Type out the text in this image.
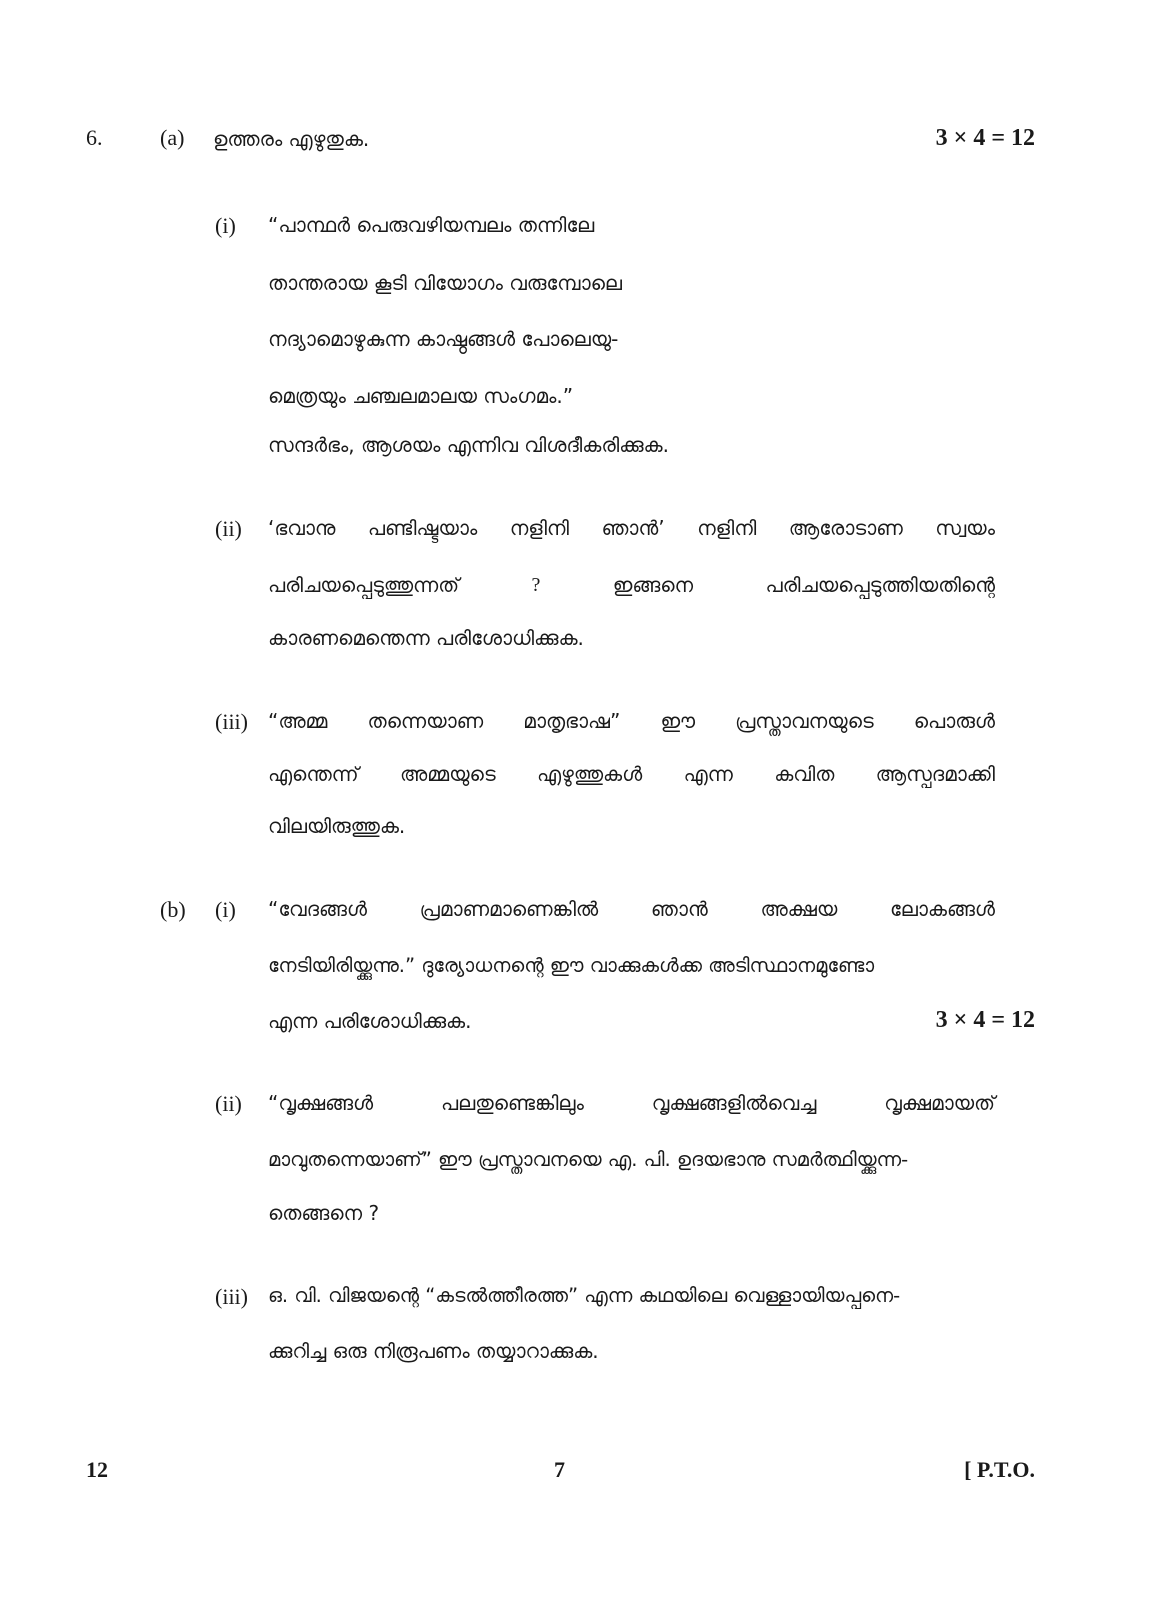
6.	(a) ഉത്തരം എഴുതുക.	3 × 4 = 12
(i) “പാന്ഥർ പെരുവഴിയമ്പലം തന്നിലേ
താന്തരായ കൂടി വിയോഗം വരുമ്പോലെ
നദ്യാമൊഴുകുന്ന കാഷ്ഠങ്ങൾ പോലെയു-
മെത്രയും ചഞ്ചലമാലയ സംഗമം.”
സന്ദർഭം, ആശയം എന്നിവ വിശദീകരിക്കുക.
(ii) ‘ഭവാനു പണ്ടിഷ്ടയാം നളിനി ഞാൻ’ നളിനി ആരോടാണ സ്വയം
പരിചയപ്പെടുത്തുന്നത്	?	ഇങ്ങനെ	പരിചയപ്പെടുത്തിയതിന്റെ
കാരണമെന്തെന്ന പരിശോധിക്കുക.
(iii) “അമ്മ തന്നെയാണ മാതൃഭാഷ” ഈ പ്രസ്താവനയുടെ പൊരുൾ
എന്തെന്ന് അമ്മയുടെ എഴുത്തുകൾ എന്ന കവിത ആസ്പദമാക്കി
വിലയിരുത്തുക.
(b) (i) “വേദങ്ങൾ	പ്രമാണമാണെങ്കിൽ	ഞാൻ	അക്ഷയ	ലോകങ്ങൾ
നേടിയിരിയ്ക്കുന്നു.” ദുര്യോധനന്റെ ഈ വാക്കുകൾക്ക അടിസ്ഥാനമുണ്ടോ
എന്ന പരിശോധിക്കുക.	3 × 4 = 12
(ii) “വൃക്ഷങ്ങൾ	പലതുണ്ടെങ്കിലും	വൃക്ഷങ്ങളിൽവെച്ച	വൃക്ഷമായത്
മാവുതന്നെയാണ്” ഈ പ്രസ്താവനയെ എ. പി. ഉദയഭാനു സമർത്ഥിയ്ക്കുന്ന-
തെങ്ങനെ ?
(iii) ഒ. വി. വിജയന്റെ “കടൽത്തീരത്ത” എന്ന കഥയിലെ വെള്ളായിയപ്പനെ-
ക്കുറിച്ച ഒരു നിരൂപണം തയ്യാറാക്കുക.
12	7	[ P.T.O.
